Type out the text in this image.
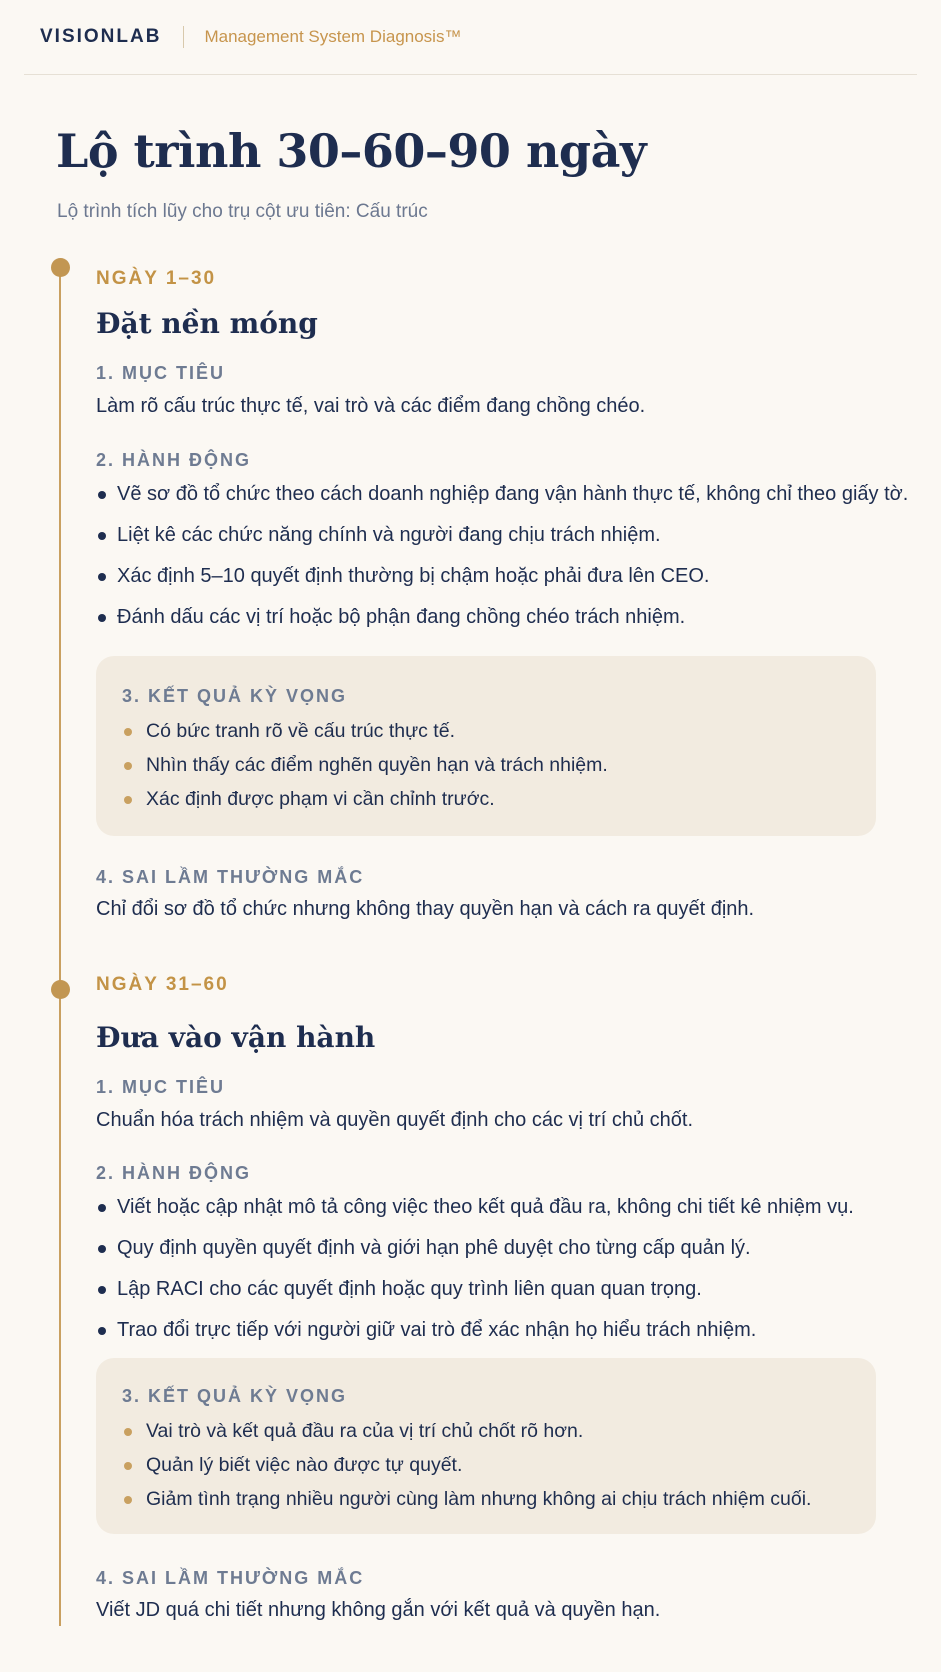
VISIONLAB	Management System Diagnosis™
Lộ trình 30–60–90 ngày

Lộ trình tích lũy cho trụ cột ưu tiên: Cấu trúc

NGÀY 1–30

Đặt nền móng

1. MỤC TIÊU

Làm rõ cấu trúc thực tế, vai trò và các điểm đang chồng chéo.

2. HÀNH ĐỘNG

Vẽ sơ đồ tổ chức theo cách doanh nghiệp đang vận hành thực tế, không chỉ theo giấy tờ.
Liệt kê các chức năng chính và người đang chịu trách nhiệm.
Xác định 5–10 quyết định thường bị chậm hoặc phải đưa lên CEO.
Đánh dấu các vị trí hoặc bộ phận đang chồng chéo trách nhiệm.

3. KẾT QUẢ KỲ VỌNG

Có bức tranh rõ về cấu trúc thực tế.
Nhìn thấy các điểm nghẽn quyền hạn và trách nhiệm.
Xác định được phạm vi cần chỉnh trước.

4. SAI LẦM THƯỜNG MẮC

Chỉ đổi sơ đồ tổ chức nhưng không thay quyền hạn và cách ra quyết định.

NGÀY 31–60

Đưa vào vận hành

1. MỤC TIÊU

Chuẩn hóa trách nhiệm và quyền quyết định cho các vị trí chủ chốt.

2. HÀNH ĐỘNG

Viết hoặc cập nhật mô tả công việc theo kết quả đầu ra, không chi tiết kê nhiệm vụ.
Quy định quyền quyết định và giới hạn phê duyệt cho từng cấp quản lý.
Lập RACI cho các quyết định hoặc quy trình liên quan quan trọng.
Trao đổi trực tiếp với người giữ vai trò để xác nhận họ hiểu trách nhiệm.

3. KẾT QUẢ KỲ VỌNG

Vai trò và kết quả đầu ra của vị trí chủ chốt rõ hơn.
Quản lý biết việc nào được tự quyết.
Giảm tình trạng nhiều người cùng làm nhưng không ai chịu trách nhiệm cuối.

4. SAI LẦM THƯỜNG MẮC

Viết JD quá chi tiết nhưng không gắn với kết quả và quyền hạn.
